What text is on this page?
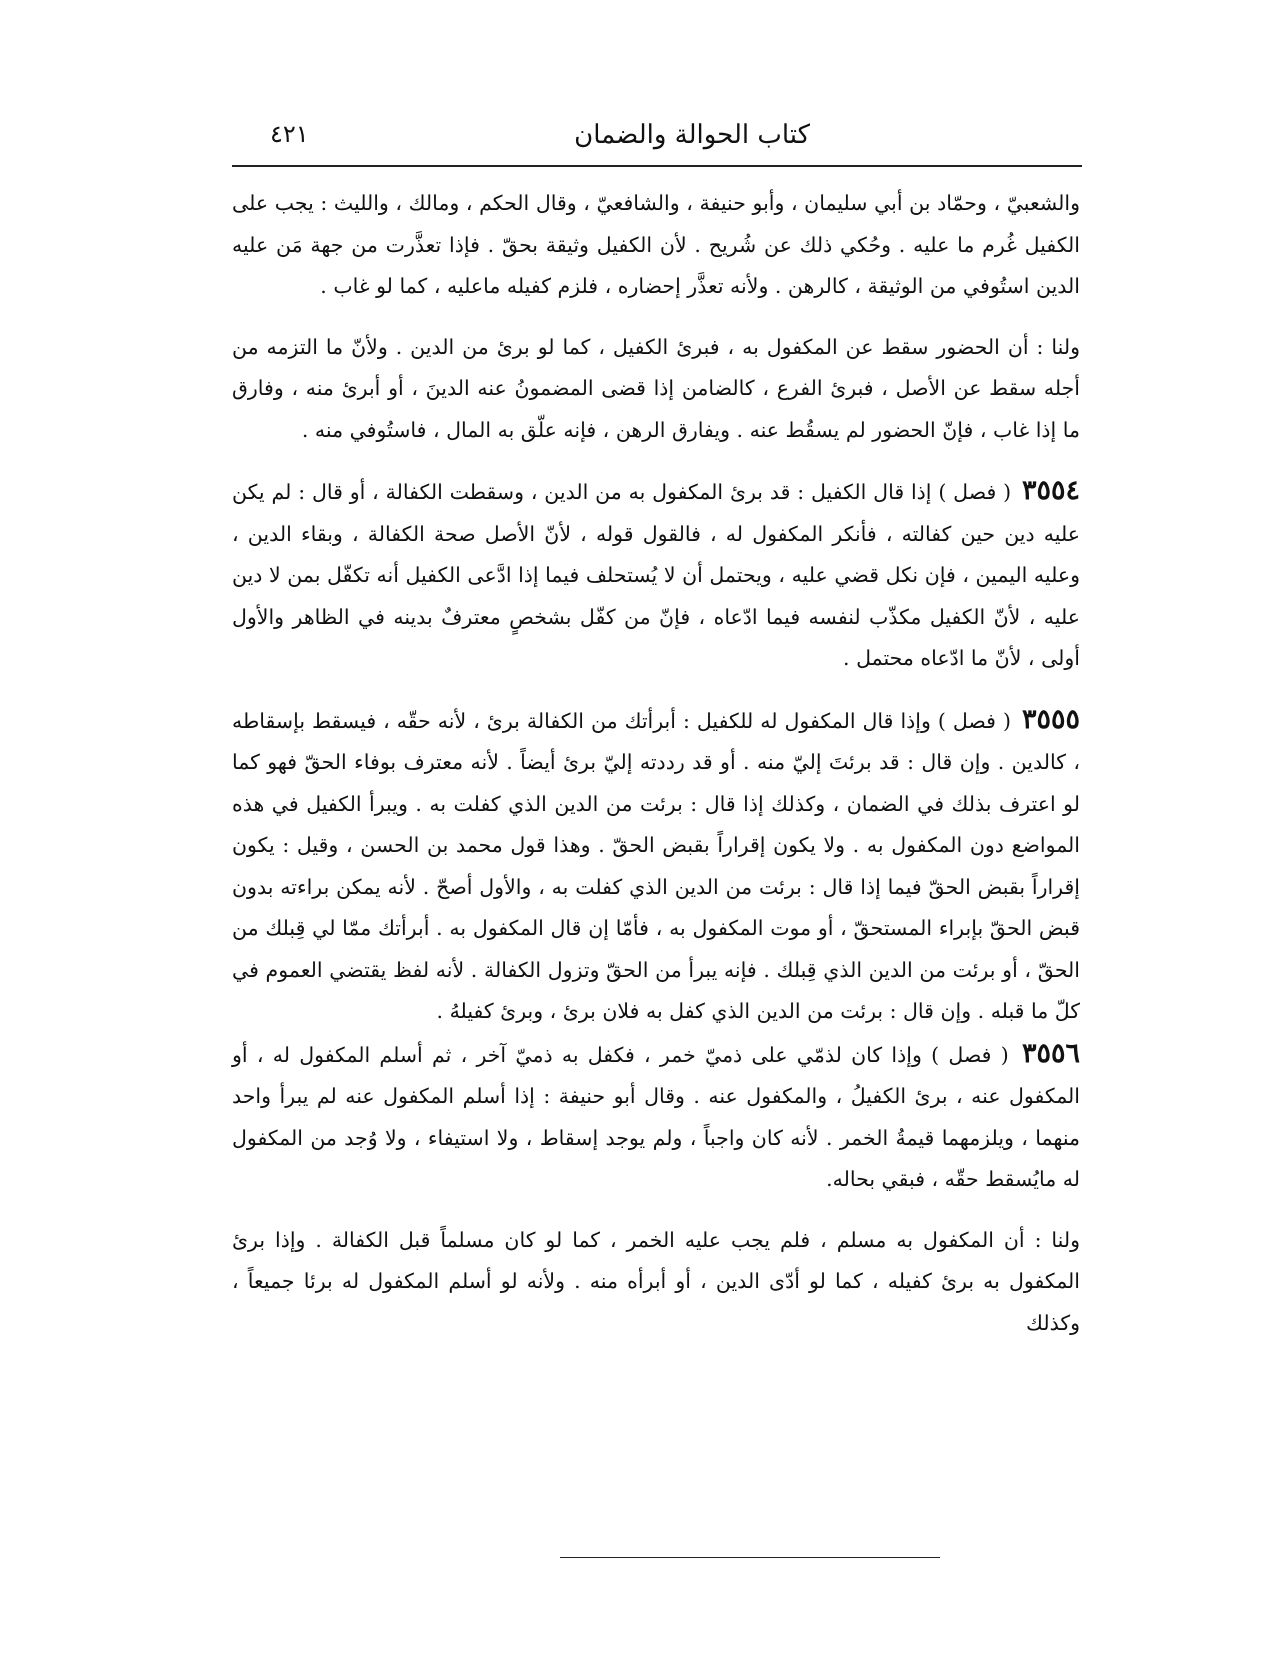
كتاب الحوالة والضمان
٤٢١

والشعبيّ ، وحمّاد بن أبي سليمان ، وأبو حنيفة ، والشافعيّ ، وقال الحكم ، ومالك ، والليث : يجب على الكفيل غُرم ما عليه . وحُكي ذلك عن شُريح . لأن الكفيل وثيقة بحقّ . فإذا تعذَّرت من جهة مَن عليه الدين استُوفي من الوثيقة ، كالرهن . ولأنه تعذَّر إحضاره ، فلزم كفيله ماعليه ، كما لو غاب .

ولنا : أن الحضور سقط عن المكفول به ، فبرئ الكفيل ، كما لو برئ من الدين . ولأنّ ما التزمه من أجله سقط عن الأصل ، فبرئ الفرع ، كالضامن إذا قضى المضمونُ عنه الدينَ ، أو أبرئ منه ، وفارق ما إذا غاب ، فإنّ الحضور لم يسقُط عنه . ويفارق الرهن ، فإنه علّق به المال ، فاستُوفي منه .

٣٥٥٤ ( فصل ) إذا قال الكفيل : قد برئ المكفول به من الدين ، وسقطت الكفالة ، أو قال : لم يكن عليه دين حين كفالته ، فأنكر المكفول له ، فالقول قوله ، لأنّ الأصل صحة الكفالة ، وبقاء الدين ، وعليه اليمين ، فإن نكل قضي عليه ، ويحتمل أن لا يُستحلف فيما إذا ادَّعى الكفيل أنه تكفّل بمن لا دين عليه ، لأنّ الكفيل مكذّب لنفسه فيما ادّعاه ، فإنّ من كفّل بشخصٍ معترفٌ بدينه في الظاهر والأول أولى ، لأنّ ما ادّعاه محتمل .

٣٥٥٥ ( فصل ) وإذا قال المكفول له للكفيل : أبرأتك من الكفالة برئ ، لأنه حقّه ، فيسقط بإسقاطه ، كالدين . وإن قال : قد برئتَ إليّ منه . أو قد رددته إليّ برئ أيضاً . لأنه معترف بوفاء الحقّ فهو كما لو اعترف بذلك في الضمان ، وكذلك إذا قال : برئت من الدين الذي كفلت به . ويبرأ الكفيل في هذه المواضع دون المكفول به . ولا يكون إقراراً بقبض الحقّ . وهذا قول محمد بن الحسن ، وقيل : يكون إقراراً بقبض الحقّ فيما إذا قال : برئت من الدين الذي كفلت به ، والأول أصحّ . لأنه يمكن براءته بدون قبض الحقّ بإبراء المستحقّ ، أو موت المكفول به ، فأمّا إن قال المكفول به . أبرأتك ممّا لي قِبلك من الحقّ ، أو برئت من الدين الذي قِبلك . فإنه يبرأ من الحقّ وتزول الكفالة . لأنه لفظ يقتضي العموم في كلّ ما قبله . وإن قال : برئت من الدين الذي كفل به فلان برئ ، وبرئ كفيلهُ .

٣٥٥٦ ( فصل ) وإذا كان لذمّي على ذميّ خمر ، فكفل به ذميّ آخر ، ثم أسلم المكفول له ، أو المكفول عنه ، برئ الكفيلُ ، والمكفول عنه . وقال أبو حنيفة : إذا أسلم المكفول عنه لم يبرأ واحد منهما ، ويلزمهما قيمةُ الخمر . لأنه كان واجباً ، ولم يوجد إسقاط ، ولا استيفاء ، ولا وُجد من المكفول له مايُسقط حقّه ، فبقي بحاله.

ولنا : أن المكفول به مسلم ، فلم يجب عليه الخمر ، كما لو كان مسلماً قبل الكفالة . وإذا برئ المكفول به برئ كفيله ، كما لو أدّى الدين ، أو أبرأه منه . ولأنه لو أسلم المكفول له برئا جميعاً ، وكذلك
